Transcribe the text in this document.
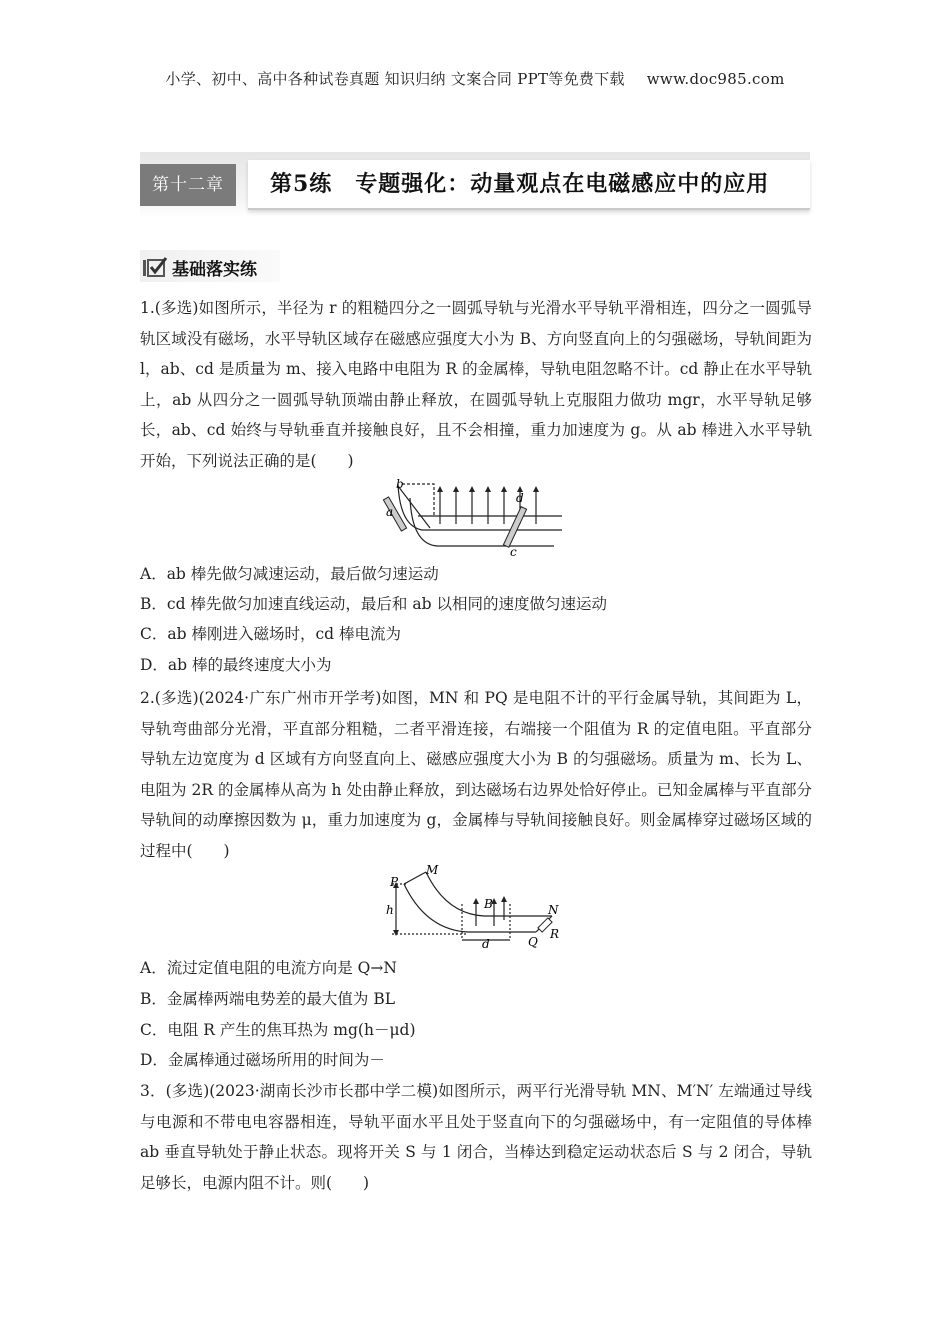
小学、初中、高中各种试卷真题 知识归纳 文案合同 PPT等免费下载 www.doc985.com
第十二章	第5练　专题强化：动量观点在电磁感应中的应用
基础落实练

1.(多选)如图所示，半径为 r 的粗糙四分之一圆弧导轨与光滑水平导轨平滑相连，四分之一圆弧导轨区域没有磁场，水平导轨区域存在磁感应强度大小为 B、方向竖直向上的匀强磁场，导轨间距为 l，ab、cd 是质量为 m、接入电路中电阻为 R 的金属棒，导轨电阻忽略不计。cd 静止在水平导轨上，ab 从四分之一圆弧导轨顶端由静止释放，在圆弧导轨上克服阻力做功 mgr，水平导轨足够长，ab、cd 始终与导轨垂直并接触良好，且不会相撞，重力加速度为 g。从 ab 棒进入水平导轨开始，下列说法正确的是(　　)

b
a
d
c
A．ab 棒先做匀减速运动，最后做匀速运动
B．cd 棒先做匀加速直线运动，最后和 ab 以相同的速度做匀速运动
C．ab 棒刚进入磁场时，cd 棒电流为
D．ab 棒的最终速度大小为

2.(多选)(2024·广东广州市开学考)如图，MN 和 PQ 是电阻不计的平行金属导轨，其间距为 L，导轨弯曲部分光滑，平直部分粗糙，二者平滑连接，右端接一个阻值为 R 的定值电阻。平直部分导轨左边宽度为 d 区域有方向竖直向上、磁感应强度大小为 B 的匀强磁场。质量为 m、长为 L、电阻为 2R 的金属棒从高为 h 处由静止释放，到达磁场右边界处恰好停止。已知金属棒与平直部分导轨间的动摩擦因数为 μ，重力加速度为 g，金属棒与导轨间接触良好。则金属棒穿过磁场区域的过程中(　　)

P
M
h	B
d
N
Q
R
A．流过定值电阻的电流方向是 Q→N
B．金属棒两端电势差的最大值为 BL
C．电阻 R 产生的焦耳热为 mg(h－μd)
D．金属棒通过磁场所用的时间为－

3．(多选)(2023·湖南长沙市长郡中学二模)如图所示，两平行光滑导轨 MN、M′N′ 左端通过导线与电源和不带电电容器相连，导轨平面水平且处于竖直向下的匀强磁场中，有一定阻值的导体棒 ab 垂直导轨处于静止状态。现将开关 S 与 1 闭合，当棒达到稳定运动状态后 S 与 2 闭合，导轨足够长，电源内阻不计。则(　　)
